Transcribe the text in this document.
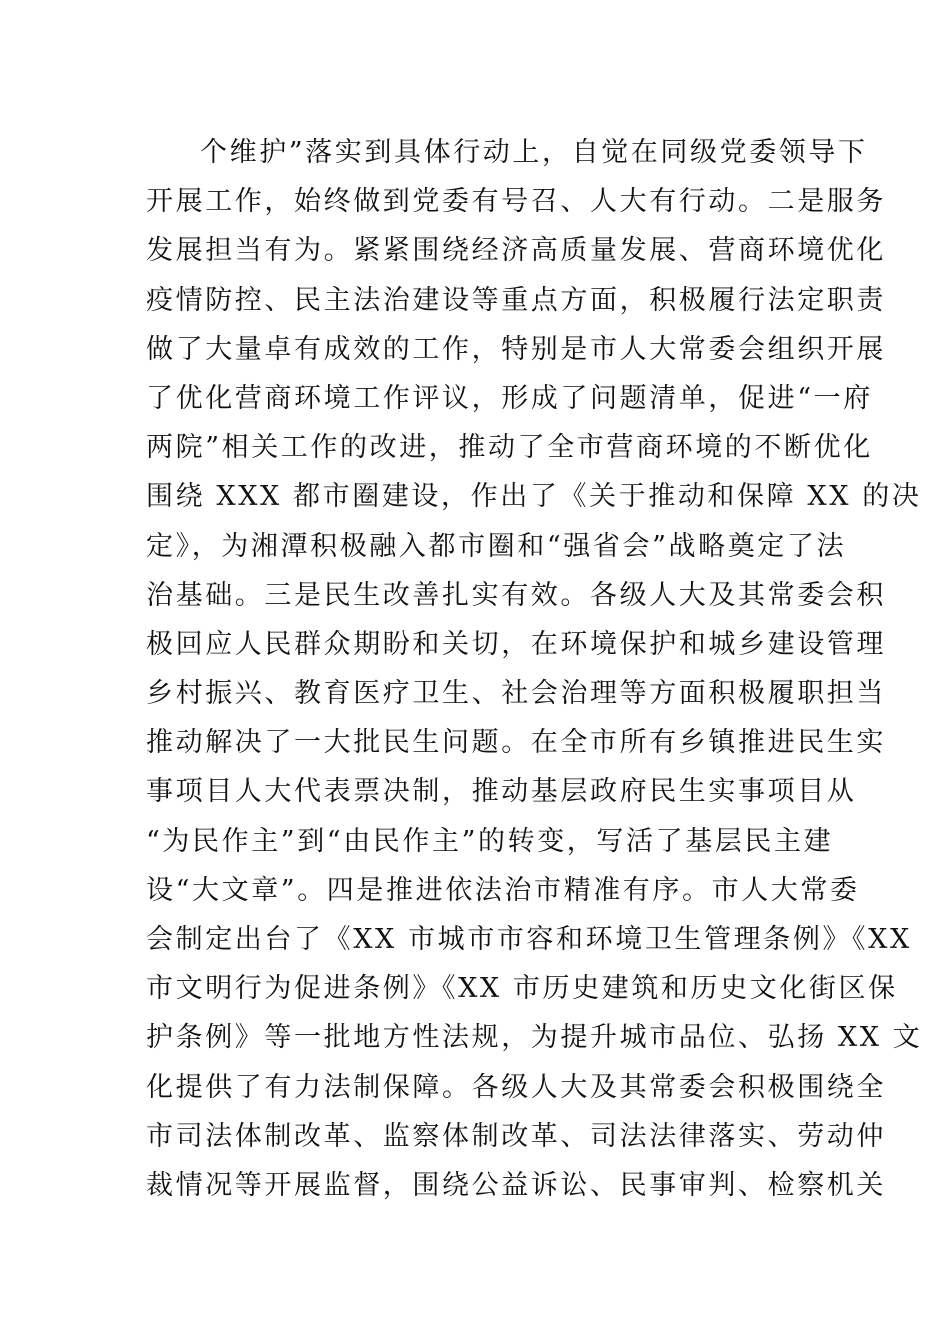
个维护”落实到具体行动上，自觉在同级党委领导下
开展工作，始终做到党委有号召、人大有行动。二是服务
发展担当有为。紧紧围绕经济高质量发展、营商环境优化
疫情防控、民主法治建设等重点方面，积极履行法定职责
做了大量卓有成效的工作，特别是市人大常委会组织开展
了优化营商环境工作评议，形成了问题清单，促进“一府
两院”相关工作的改进，推动了全市营商环境的不断优化
围绕 XXX 都市圈建设，作出了《关于推动和保障 XX 的决
定》，为湘潭积极融入都市圈和“强省会”战略奠定了法
治基础。三是民生改善扎实有效。各级人大及其常委会积
极回应人民群众期盼和关切，在环境保护和城乡建设管理
乡村振兴、教育医疗卫生、社会治理等方面积极履职担当
推动解决了一大批民生问题。在全市所有乡镇推进民生实
事项目人大代表票决制，推动基层政府民生实事项目从
“为民作主”到“由民作主”的转变，写活了基层民主建
设“大文章”。四是推进依法治市精准有序。市人大常委
会制定出台了《XX 市城市市容和环境卫生管理条例》《XX
市文明行为促进条例》《XX 市历史建筑和历史文化街区保
护条例》等一批地方性法规，为提升城市品位、弘扬 XX 文
化提供了有力法制保障。各级人大及其常委会积极围绕全
市司法体制改革、监察体制改革、司法法律落实、劳动仲
裁情况等开展监督，围绕公益诉讼、民事审判、检察机关
